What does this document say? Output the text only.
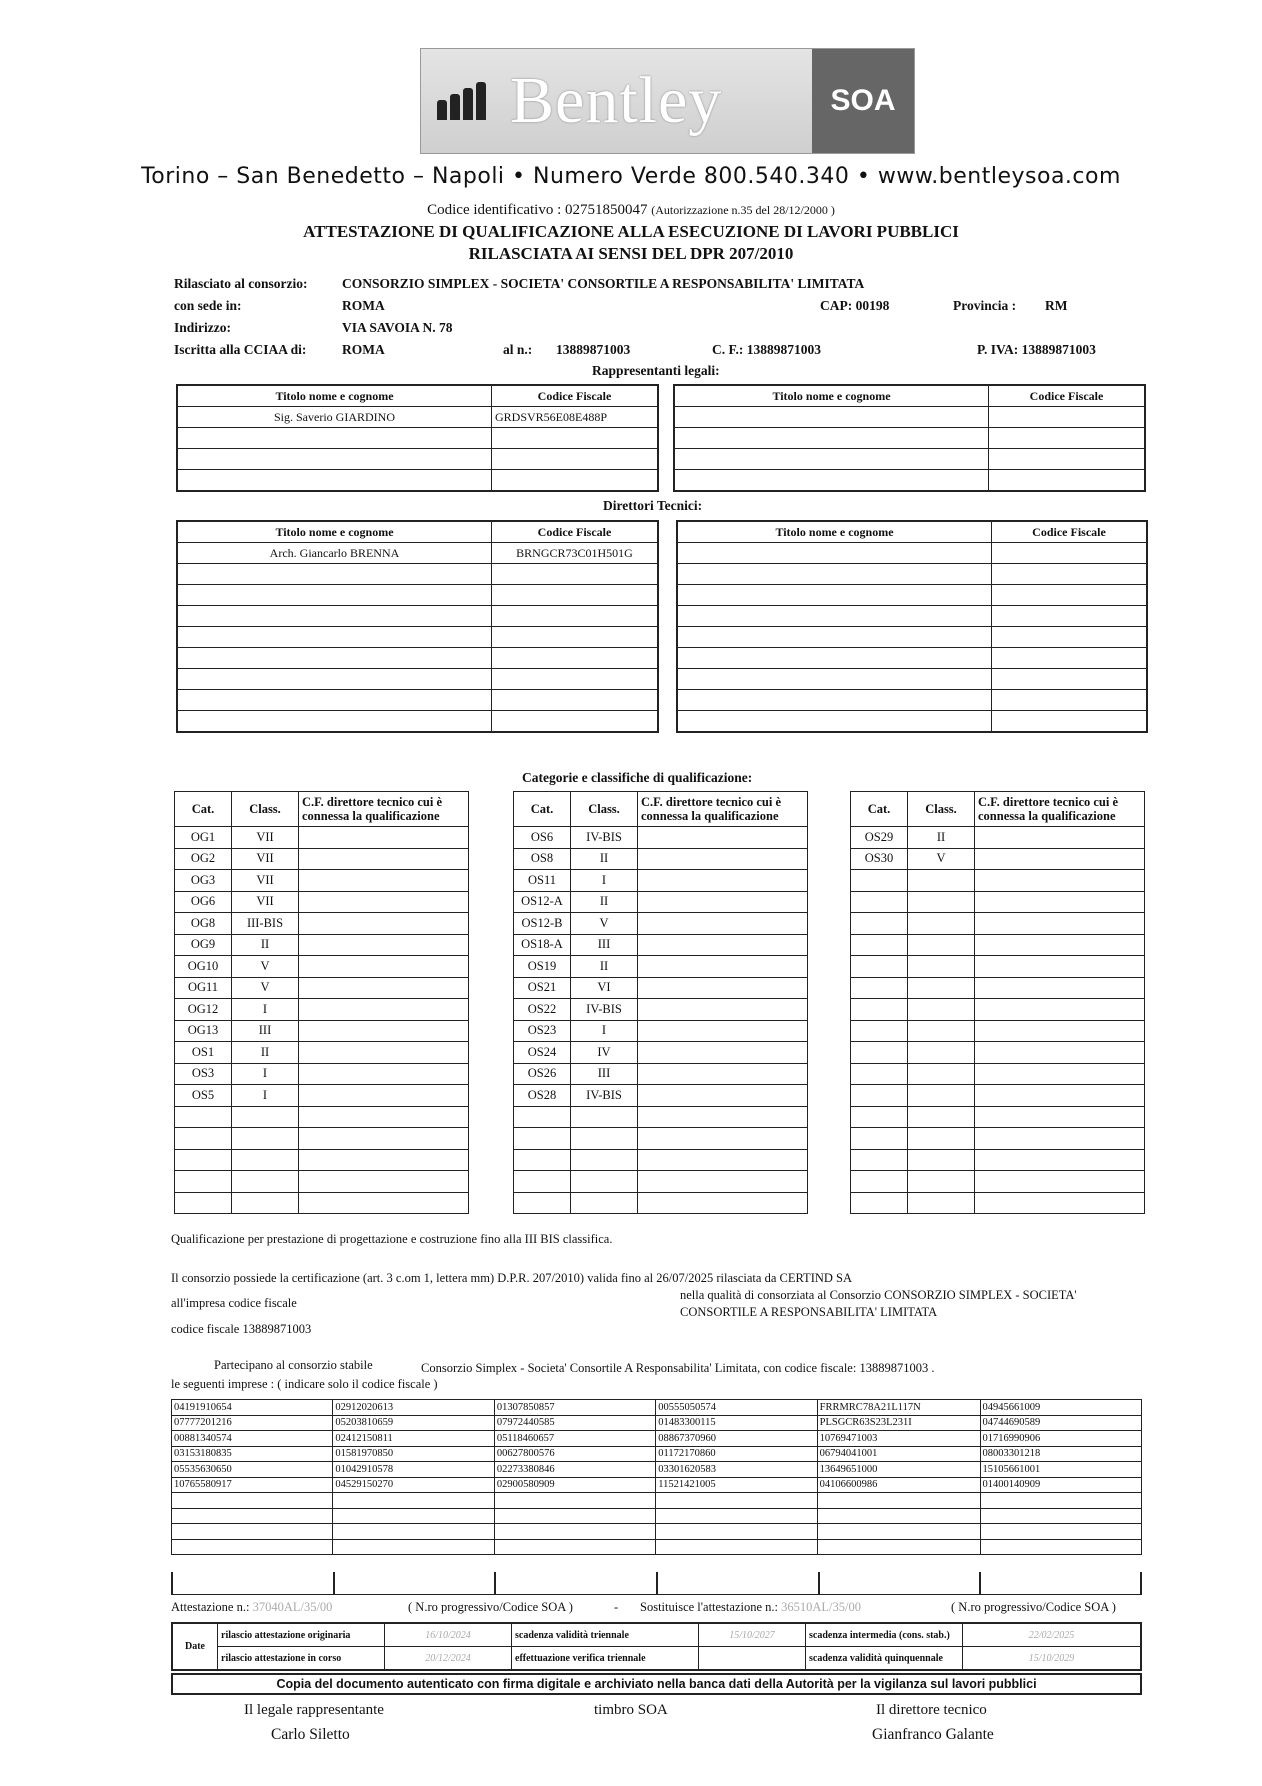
Bentley	SOA
Torino – San Benedetto – Napoli • Numero Verde 800.540.340 • www.bentleysoa.com
Codice identificativo : 02751850047 (Autorizzazione n.35 del 28/12/2000 )
ATTESTAZIONE DI QUALIFICAZIONE ALLA ESECUZIONE DI LAVORI PUBBLICI
RILASCIATA AI SENSI DEL DPR 207/2010
Rilasciato al consorzio:	CONSORZIO SIMPLEX - SOCIETA' CONSORTILE A RESPONSABILITA' LIMITATA
con sede in:	ROMA	CAP: 00198	Provincia : RM
Indirizzo:	VIA SAVOIA N. 78
Iscritta alla CCIAA di:	ROMA	al n.: 13889871003	C. F.: 13889871003	P. IVA: 13889871003
Rappresentanti legali:
Titolo nome e cognome	Codice Fiscale
Sig. Saverio GIARDINO	GRDSVR56E08E488P

Titolo nome e cognome	Codice Fiscale

Direttori Tecnici:
Titolo nome e cognome	Codice Fiscale
Arch. Giancarlo BRENNA	BRNGCR73C01H501G

Titolo nome e cognome	Codice Fiscale

Categorie e classifiche di qualificazione:
Cat.	Class.	C.F. direttore tecnico cui è connessa la qualificazione
OG1	VII	
OG2	VII	
OG3	VII	
OG6	VII	
OG8	III-BIS	
OG9	II	
OG10	V	
OG11	V	
OG12	I	
OG13	III	
OS1	II	
OS3	I	
OS5	I	

Cat.	Class.	C.F. direttore tecnico cui è connessa la qualificazione
OS6	IV-BIS	
OS8	II	
OS11	I	
OS12-A	II	
OS12-B	V	
OS18-A	III	
OS19	II	
OS21	VI	
OS22	IV-BIS	
OS23	I	
OS24	IV	
OS26	III	
OS28	IV-BIS	

Cat.	Class.	C.F. direttore tecnico cui è connessa la qualificazione
OS29	II	
OS30	V	

Qualificazione per prestazione di progettazione e costruzione fino alla III BIS classifica.
Il consorzio possiede la certificazione (art. 3 c.om 1, lettera mm) D.P.R. 207/2010) valida fino al 26/07/2025 rilasciata da CERTIND SA
all'impresa codice fiscale
nella qualità di consorziata al Consorzio CONSORZIO SIMPLEX - SOCIETA'
CONSORTILE A RESPONSABILITA' LIMITATA
codice fiscale 13889871003
Partecipano al consorzio stabile	Consorzio Simplex - Societa' Consortile A Responsabilita' Limitata, con codice fiscale: 13889871003 .
le seguenti imprese : ( indicare solo il codice fiscale )
04191910654	02912020613	01307850857	00555050574	FRRMRC78A21L117N	04945661009
07777201216	05203810659	07972440585	01483300115	PLSGCR63S23L231I	04744690589
00881340574	02412150811	05118460657	08867370960	10769471003	01716990906
03153180835	01581970850	00627800576	01172170860	06794041001	08003301218
05535630650	01042910578	02273380846	03301620583	13649651000	15105661001
10765580917	04529150270	02900580909	11521421005	04106600986	01400140909

Attestazione n.: 37040AL/35/00	( N.ro progressivo/Codice SOA )	- Sostituisce l'attestazione n.: 36510AL/35/00	( N.ro progressivo/Codice SOA )
Date	rilascio attestazione originaria	16/10/2024	scadenza validità triennale	15/10/2027	scadenza intermedia (cons. stab.)	22/02/2025
	rilascio attestazione in corso	20/12/2024	effettuazione verifica triennale		scadenza validità quinquennale	15/10/2029
Copia del documento autenticato con firma digitale e archiviato nella banca dati della Autorità per la vigilanza sul lavori pubblici
Il legale rappresentante
Carlo Siletto
timbro SOA	Il direttore tecnico
Gianfranco Galante
